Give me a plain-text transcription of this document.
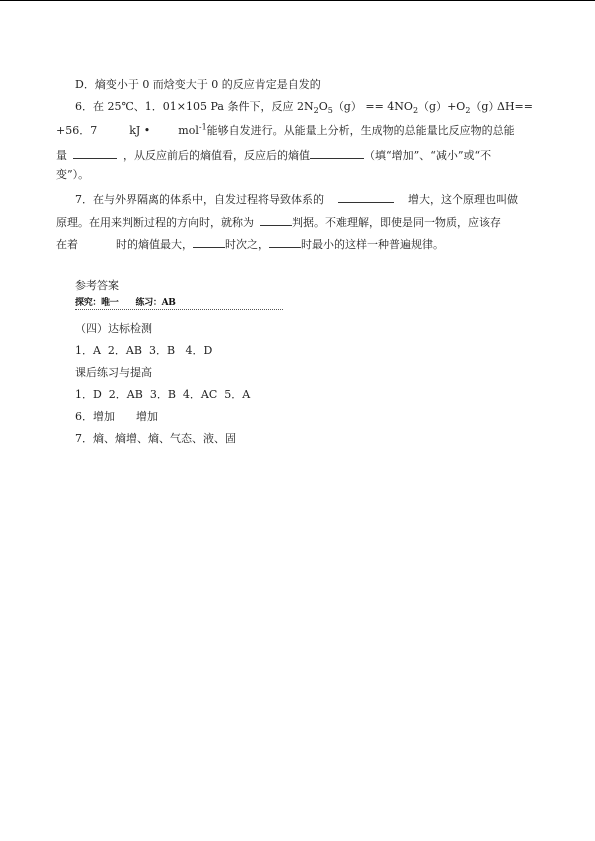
D．熵变小于 0 而焓变大于 0 的反应肯定是自发的
6．在 25℃、1．01×105 Pa 条件下，反应 $2N_2O_5(g) == 4NO_2(g)+O_2(g)$
ΔH==
+56．7	kJ •	mol$^{-1}$能够自发进行。从能量上分析，生成物的总能量比反应物的总能
量	，从反应前后的熵值看，反应后的熵值	（填“增加”、“减小”或“不
变”）。
7．在与外界隔离的体系中，自发过程将导致体系的	增大，这个原理也叫做
原理。在用来判断过程的方向时，就称为	判据。不难理解，即使是同一物质，应该存
在着	时的熵值最大，	时次之，	时最小的这样一种普遍规律。
参考答案
探究：唯一      练习：AB
（四）达标检测
1．A  2．AB  3．B   4．D
课后练习与提高
1．D  2．AB  3．B  4．AC  5．A
6．增加      增加
7．熵、熵增、熵、气态、液、固
